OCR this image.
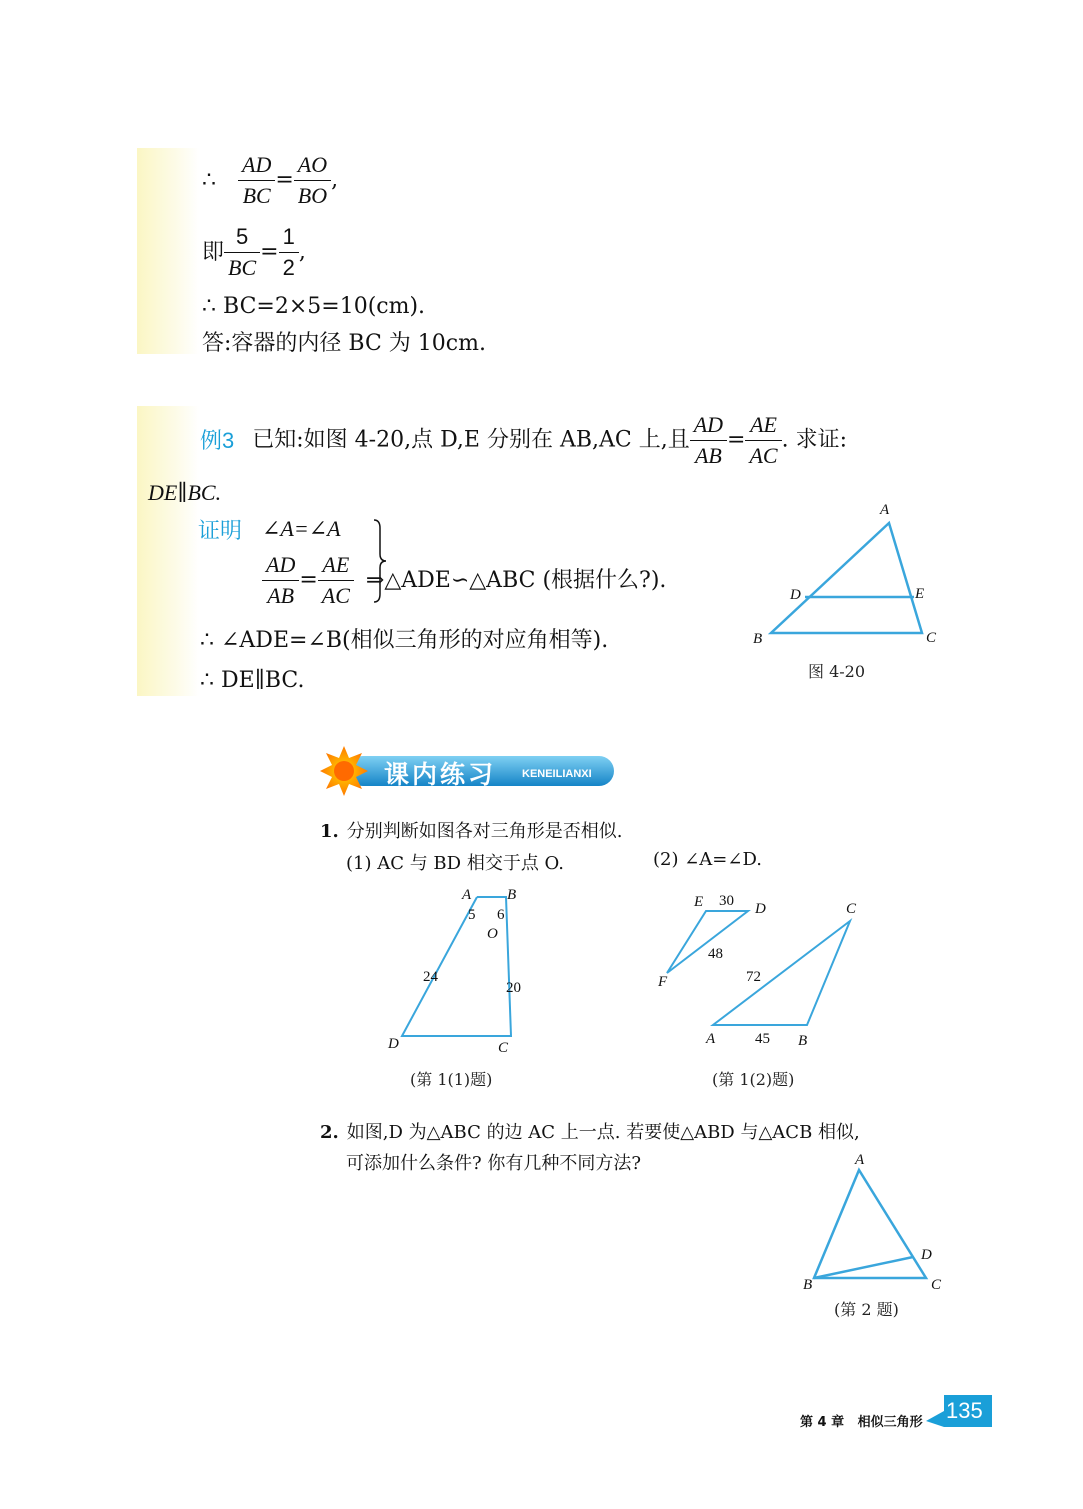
∴ $\frac{AD}{BC} = \frac{AO}{BO}$ ,
即 $\frac{5}{BC} = \frac{1}{2}$ ,
∴ BC=2×5=10(cm).
答:容器的内径 BC 为 10cm.
例3 已知:如图 4-20,点 D,E 分别在 AB,AC 上,且 $\frac{AD}{AB} = \frac{AE}{AC}$ . 求证:
DE∥BC.
证明 ∠A=∠A
$\frac{AD}{AB} = \frac{AE}{AC}$ ⇒△ADE∽△ABC (根据什么?).
∴ ∠ADE=∠B(相似三角形的对应角相等).
∴ DE∥BC.
A
D	E
B	C
图 4-20
课内练习 KENEILIANXI
1. 分别判断如图各对三角形是否相似.
(1) AC 与 BD 相交于点 O.	(2) ∠A=∠D.
A B
5 6
O
24
20
D	C
(第 1(1)题)
E 30 D	C
48
72
F
A	45 B
(第 1(2)题)
2. 如图,D 为△ABC 的边 AC 上一点. 若要使△ABD 与△ACB 相似,
可添加什么条件? 你有几种不同方法?	A
D
B	C
(第 2 题)
第 4 章   相似三角形 135
